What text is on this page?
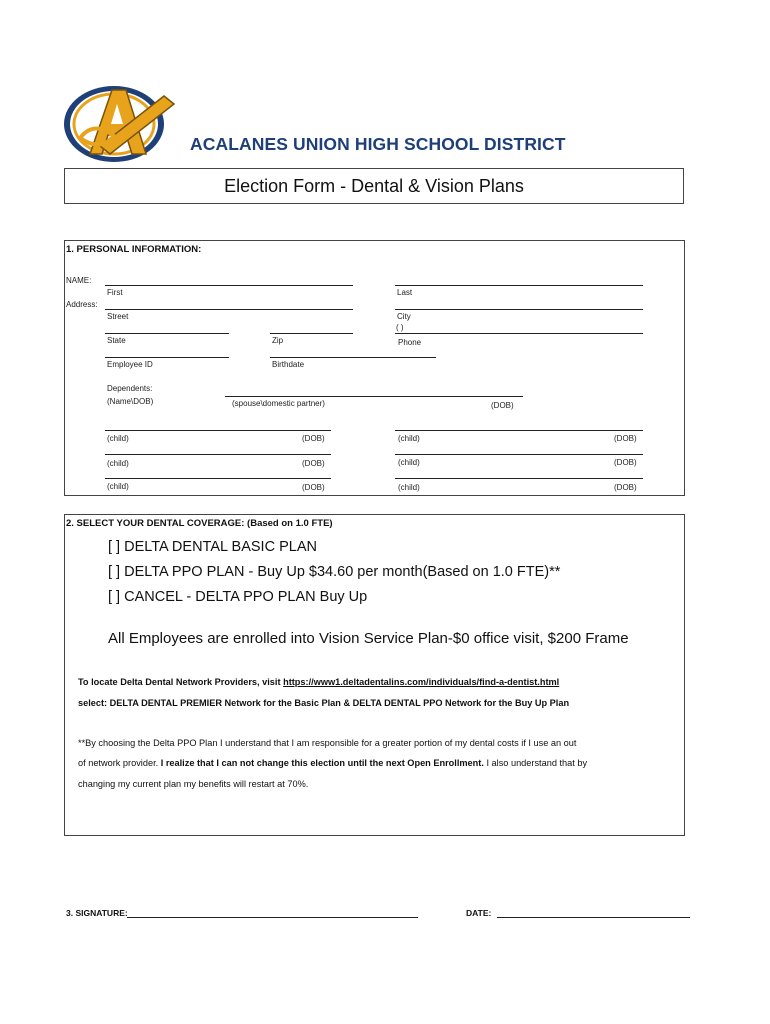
ACALANES UNION HIGH SCHOOL DISTRICT
Election Form - Dental & Vision Plans
1. PERSONAL INFORMATION:
NAME:
First	Last
Address:
Street	City
( )
State	Zip	Phone
Employee ID	Birthdate
Dependents:
(Name\DOB)	(spouse\domestic partner)	(DOB)
(child)	(DOB)	(child)	(DOB)
(child)	(DOB)	(child)	(DOB)
(child)	(DOB)	(child)	(DOB)
2. SELECT YOUR DENTAL COVERAGE: (Based on 1.0 FTE)
[ ] DELTA DENTAL BASIC PLAN
[ ] DELTA PPO PLAN - Buy Up $34.60 per month(Based on 1.0 FTE)**
[ ] CANCEL - DELTA PPO PLAN Buy Up
All Employees are enrolled into Vision Service Plan-$0 office visit, $200 Frame
To locate Delta Dental Network Providers, visit https://www1.deltadentalins.com/individuals/find-a-dentist.html
select: DELTA DENTAL PREMIER Network for the Basic Plan & DELTA DENTAL PPO Network for the Buy Up Plan
**By choosing the Delta PPO Plan I understand that I am responsible for a greater portion of my dental costs if I use an out
of network provider. I realize that I can not change this election until the next Open Enrollment. I also understand that by
changing my current plan my benefits will restart at 70%.
3. SIGNATURE:	DATE:
